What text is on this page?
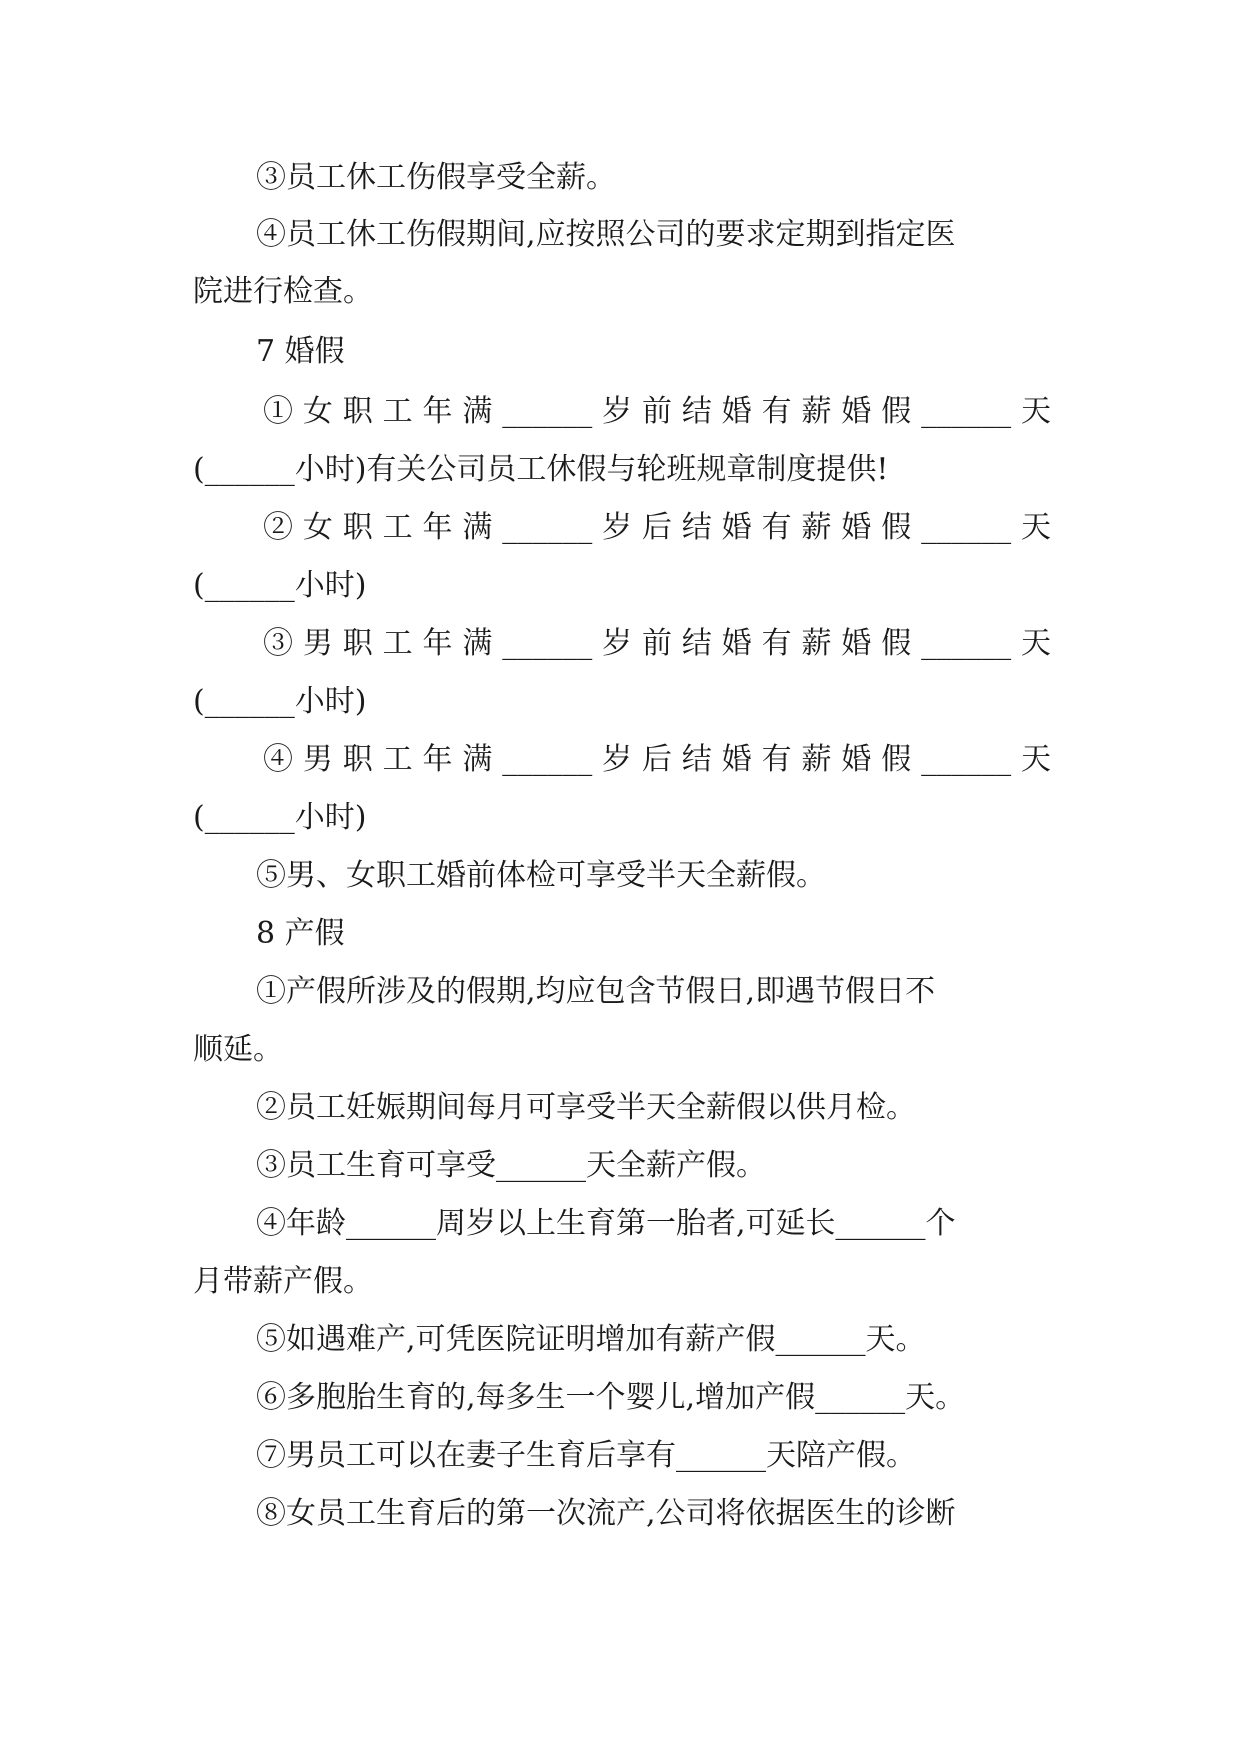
③员工休工伤假享受全薪。
④员工休工伤假期间,应按照公司的要求定期到指定医
院进行检查。
7 婚假
①女职工年满______岁前结婚有薪婚假______天
(______小时)有关公司员工休假与轮班规章制度提供!
②女职工年满______岁后结婚有薪婚假______天
(______小时)
③男职工年满______岁前结婚有薪婚假______天
(______小时)
④男职工年满______岁后结婚有薪婚假______天
(______小时)
⑤男、女职工婚前体检可享受半天全薪假。
8 产假
①产假所涉及的假期,均应包含节假日,即遇节假日不
顺延。
②员工妊娠期间每月可享受半天全薪假以供月检。
③员工生育可享受______天全薪产假。
④年龄______周岁以上生育第一胎者,可延长______个
月带薪产假。
⑤如遇难产,可凭医院证明增加有薪产假______天。
⑥多胞胎生育的,每多生一个婴儿,增加产假______天。
⑦男员工可以在妻子生育后享有______天陪产假。
⑧女员工生育后的第一次流产,公司将依据医生的诊断
